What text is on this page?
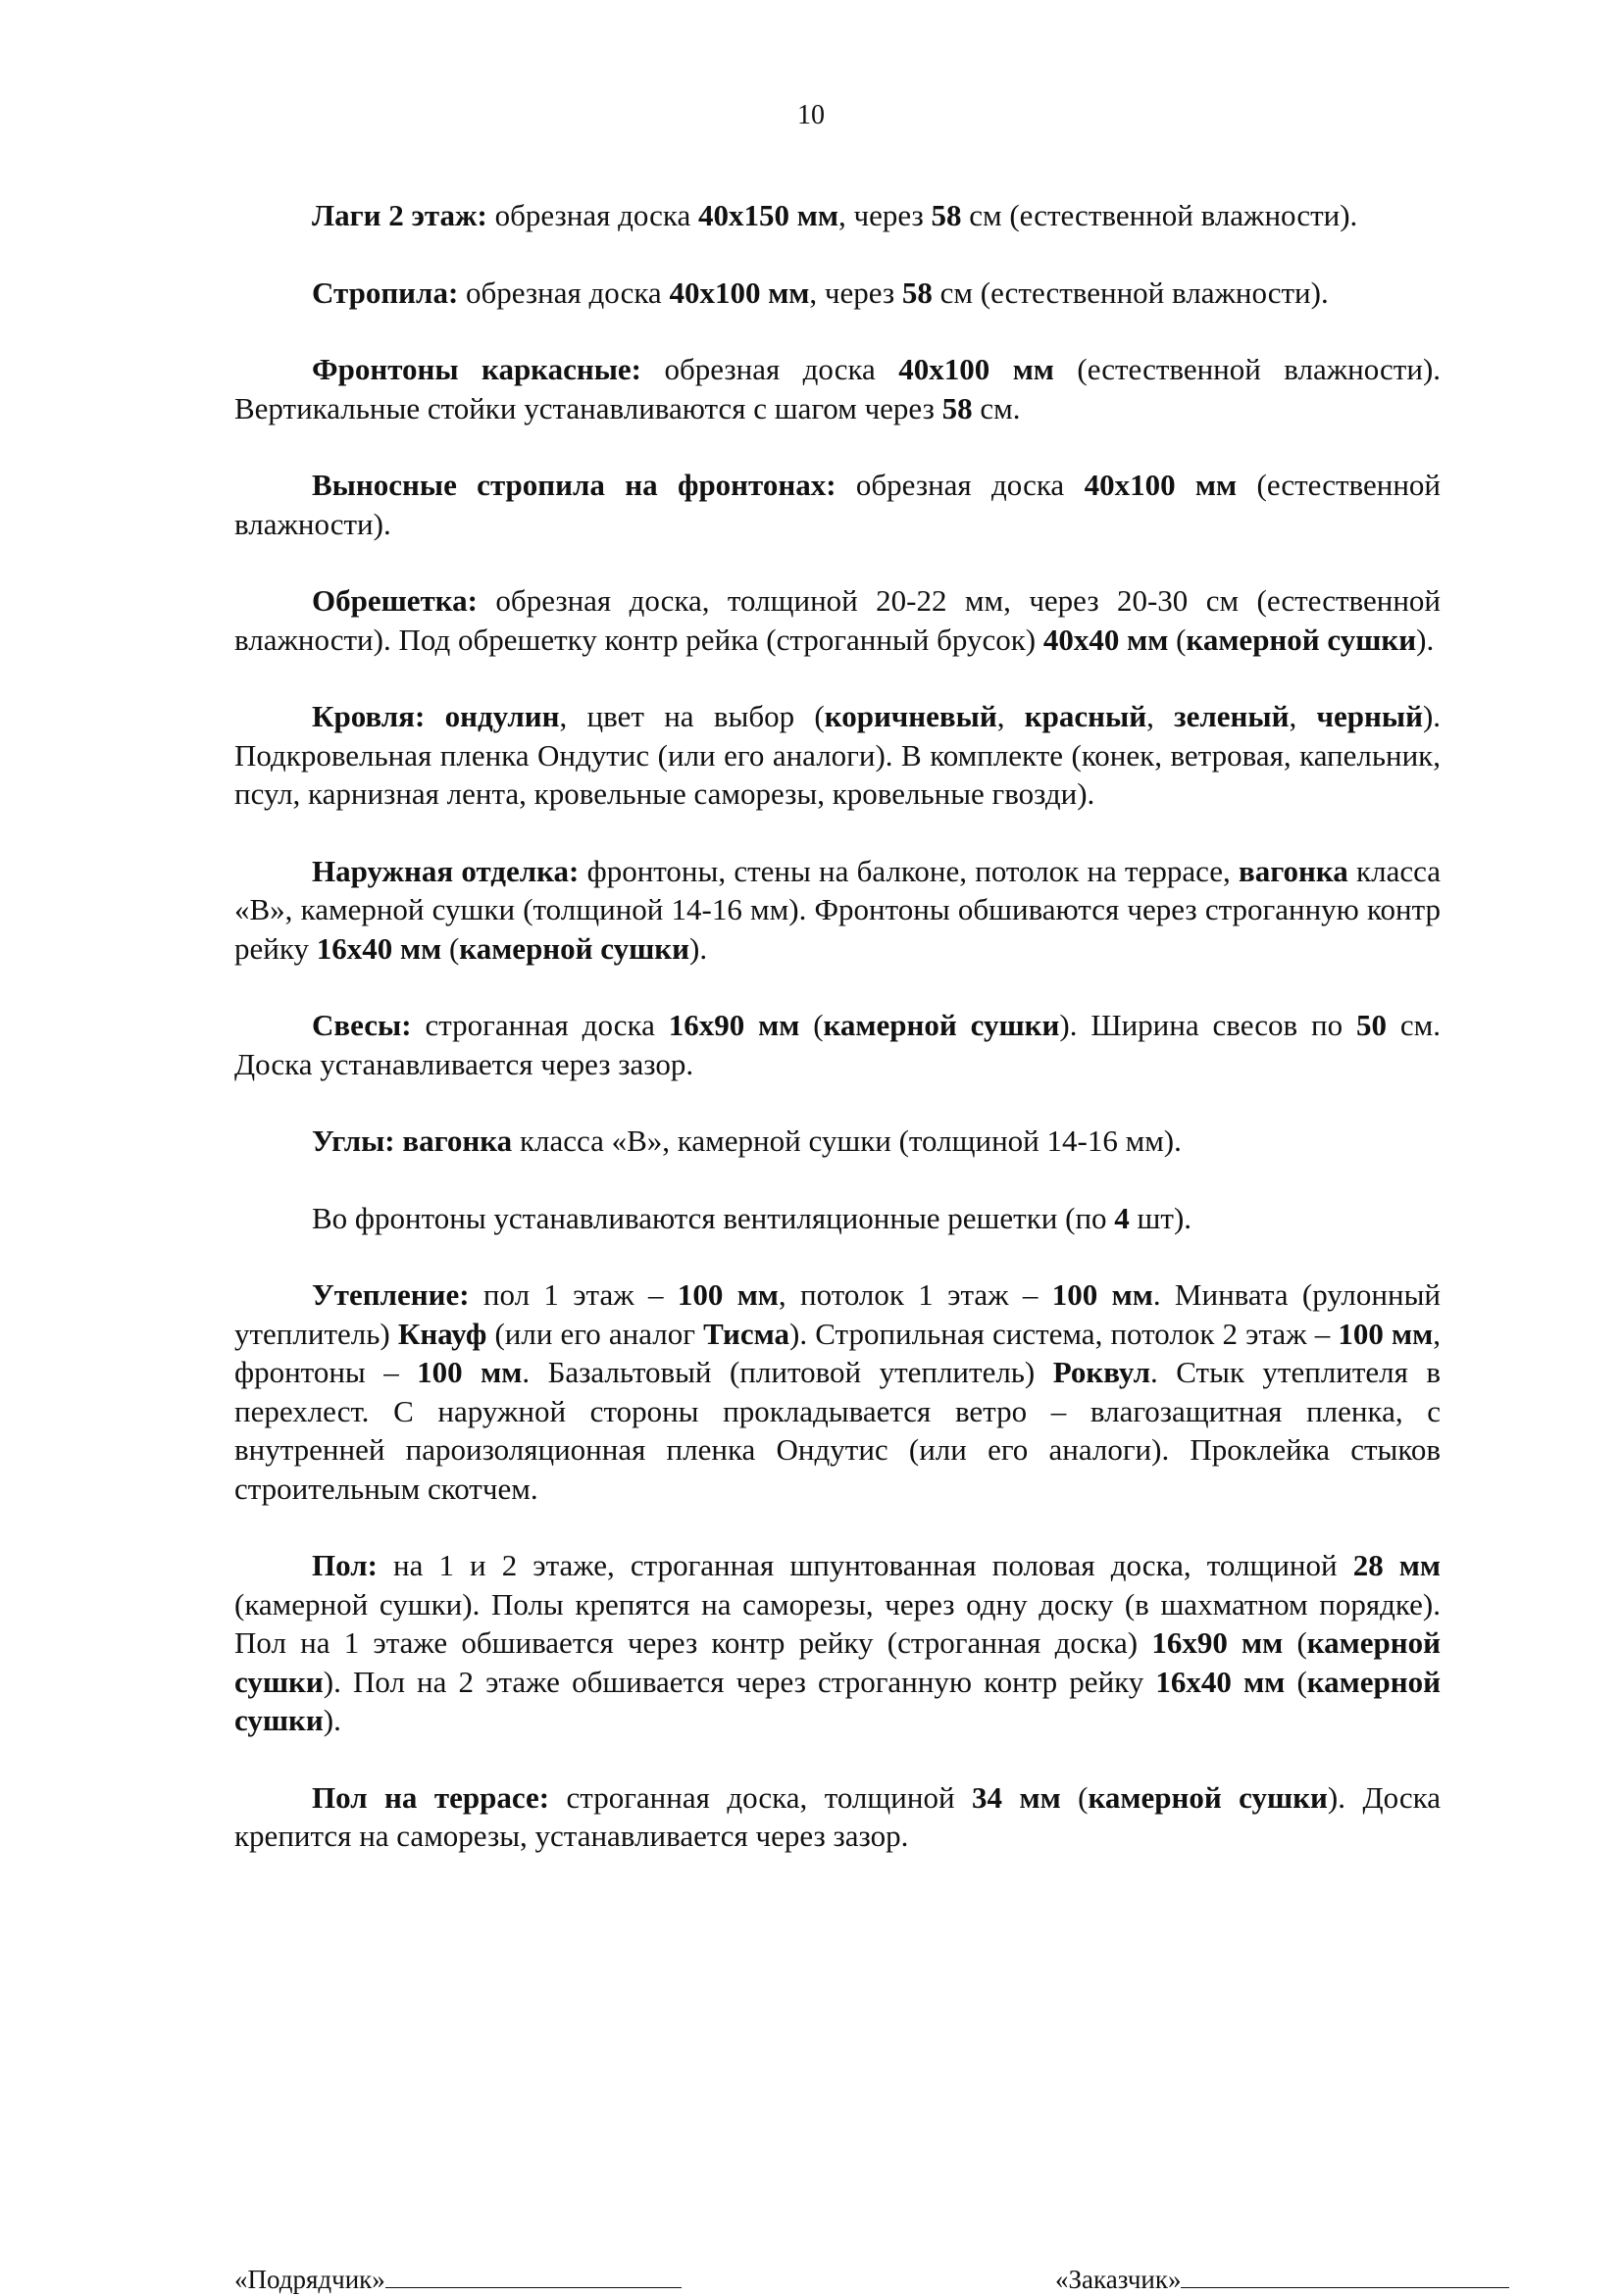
10

Лаги 2 этаж: обрезная доска 40х150 мм, через 58 см (естественной влажности).

Стропила: обрезная доска 40х100 мм, через 58 см (естественной влажности).

Фронтоны каркасные: обрезная доска 40х100 мм (естественной влажности). Вертикальные стойки устанавливаются с шагом через 58 см.

Выносные стропила на фронтонах: обрезная доска 40х100 мм (естественной влажности).

Обрешетка: обрезная доска, толщиной 20-22 мм, через 20-30 см (естественной влажности). Под обрешетку контр рейка (строганный брусок) 40х40 мм (камерной сушки).

Кровля: ондулин, цвет на выбор (коричневый, красный, зеленый, черный). Подкровельная пленка Ондутис (или его аналоги). В комплекте (конек, ветровая, капельник, псул, карнизная лента, кровельные саморезы, кровельные гвозди).

Наружная отделка: фронтоны, стены на балконе, потолок на террасе, вагонка класса «В», камерной сушки (толщиной 14-16 мм). Фронтоны обшиваются через строганную контр рейку 16х40 мм (камерной сушки).

Свесы: строганная доска 16х90 мм (камерной сушки). Ширина свесов по 50 см. Доска устанавливается через зазор.

Углы: вагонка класса «В», камерной сушки (толщиной 14-16 мм).

Во фронтоны устанавливаются вентиляционные решетки (по 4 шт).

Утепление: пол 1 этаж – 100 мм, потолок 1 этаж – 100 мм. Минвата (рулонный утеплитель) Кнауф (или его аналог Тисма). Стропильная система, потолок 2 этаж – 100 мм, фронтоны – 100 мм. Базальтовый (плитовой утеплитель) Роквул. Стык утеплителя в перехлест. С наружной стороны прокладывается ветро – влагозащитная пленка, с внутренней пароизоляционная пленка Ондутис (или его аналоги). Проклейка стыков строительным скотчем.

Пол: на 1 и 2 этаже, строганная шпунтованная половая доска, толщиной 28 мм (камерной сушки). Полы крепятся на саморезы, через одну доску (в шахматном порядке). Пол на 1 этаже обшивается через контр рейку (строганная доска) 16х90 мм (камерной сушки). Пол на 2 этаже обшивается через строганную контр рейку 16х40 мм (камерной сушки).

Пол на террасе: строганная доска, толщиной 34 мм (камерной сушки). Доска крепится на саморезы, устанавливается через зазор.

«Подрядчик»	«Заказчик»
